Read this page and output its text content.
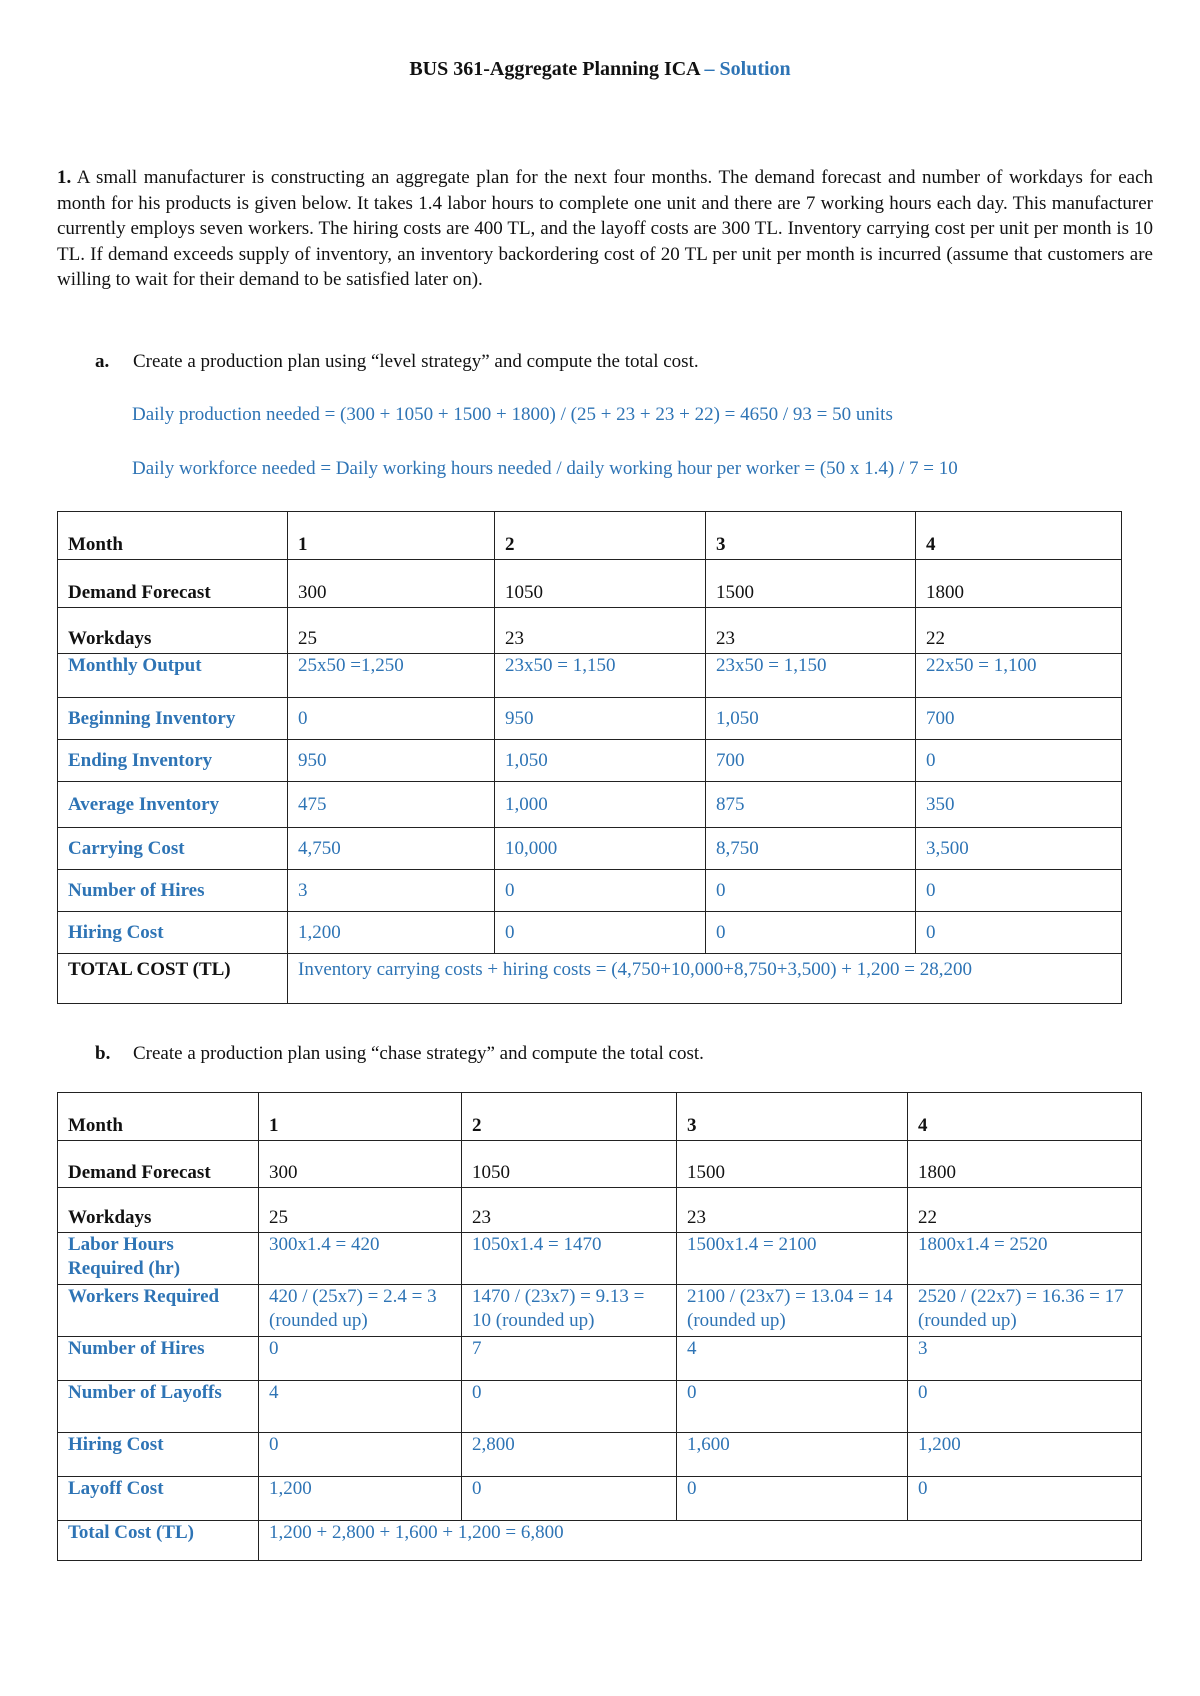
BUS 361-Aggregate Planning ICA – Solution
1. A small manufacturer is constructing an aggregate plan for the next four months. The demand forecast and number of workdays for each month for his products is given below. It takes 1.4 labor hours to complete one unit and there are 7 working hours each day. This manufacturer currently employs seven workers. The hiring costs are 400 TL, and the layoff costs are 300 TL. Inventory carrying cost per unit per month is 10 TL. If demand exceeds supply of inventory, an inventory backordering cost of 20 TL per unit per month is incurred (assume that customers are willing to wait for their demand to be satisfied later on).
a. Create a production plan using “level strategy” and compute the total cost.
Daily production needed = (300 + 1050 + 1500 + 1800) / (25 + 23 + 23 + 22) = 4650 / 93 = 50 units
Daily workforce needed = Daily working hours needed / daily working hour per worker = (50 x 1.4) / 7 = 10
Month	1	2	3	4
Demand Forecast	300	1050	1500	1800
Workdays	25	23	23	22
Monthly Output	25x50 =1,250	23x50 = 1,150	23x50 = 1,150	22x50 = 1,100
Beginning Inventory	0	950	1,050	700
Ending Inventory	950	1,050	700	0
Average Inventory	475	1,000	875	350
Carrying Cost	4,750	10,000	8,750	3,500
Number of Hires	3	0	0	0
Hiring Cost	1,200	0	0	0
TOTAL COST (TL)	Inventory carrying costs + hiring costs = (4,750+10,000+8,750+3,500) + 1,200 = 28,200			
b. Create a production plan using “chase strategy” and compute the total cost.
Month	1	2	3	4
Demand Forecast	300	1050	1500	1800
Workdays	25	23	23	22
Labor Hours Required (hr)	300x1.4 = 420	1050x1.4 = 1470	1500x1.4 = 2100	1800x1.4 = 2520
Workers Required	420 / (25x7) = 2.4 = 3 (rounded up)	1470 / (23x7) = 9.13 = 10 (rounded up)	2100 / (23x7) = 13.04 = 14 (rounded up)	2520 / (22x7) = 16.36 = 17 (rounded up)
Number of Hires	0	7	4	3
Number of Layoffs	4	0	0	0
Hiring Cost	0	2,800	1,600	1,200
Layoff Cost	1,200	0	0	0
Total Cost (TL)	1,200 + 2,800 + 1,600 + 1,200 = 6,800			
